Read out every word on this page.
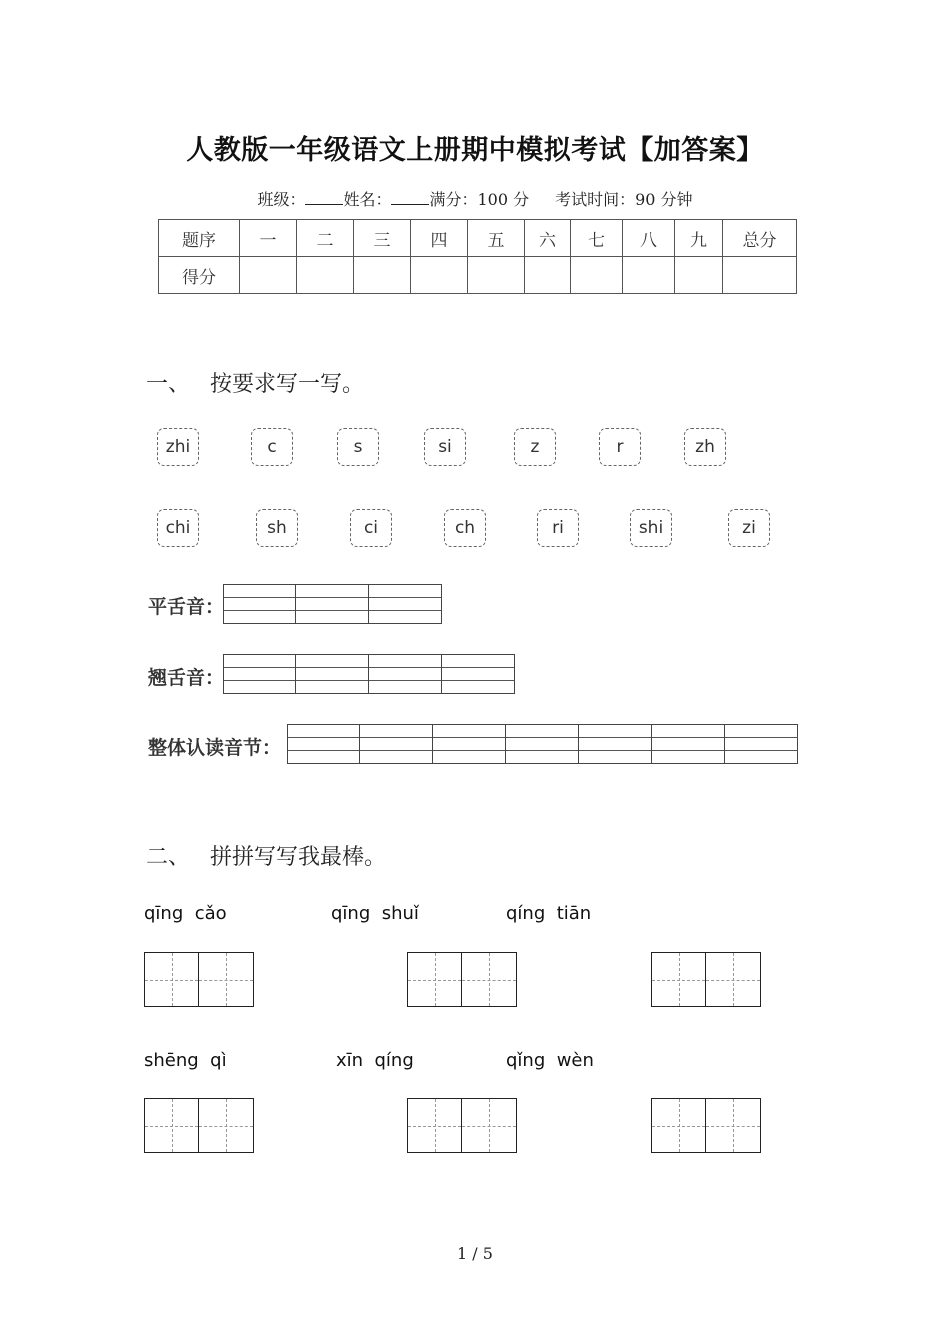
人教版一年级语文上册期中模拟考试【加答案】
班级： 姓名： 满分：100 分 考试时间：90 分钟
题序	一	二	三	四	五	六	七	八	九	总分
得分										
一、 按要求写一写。
zhi	c	s	si	z	r	zh
chi	sh	ci	ch	ri	shi	zi
平舌音：
翘舌音：
整体认读音节：
二、 拼拼写写我最棒。
qīng  cǎo	qīng  shuǐ	qíng  tiān
shēng  qì	xīn  qíng	qǐng  wèn
1 / 5
